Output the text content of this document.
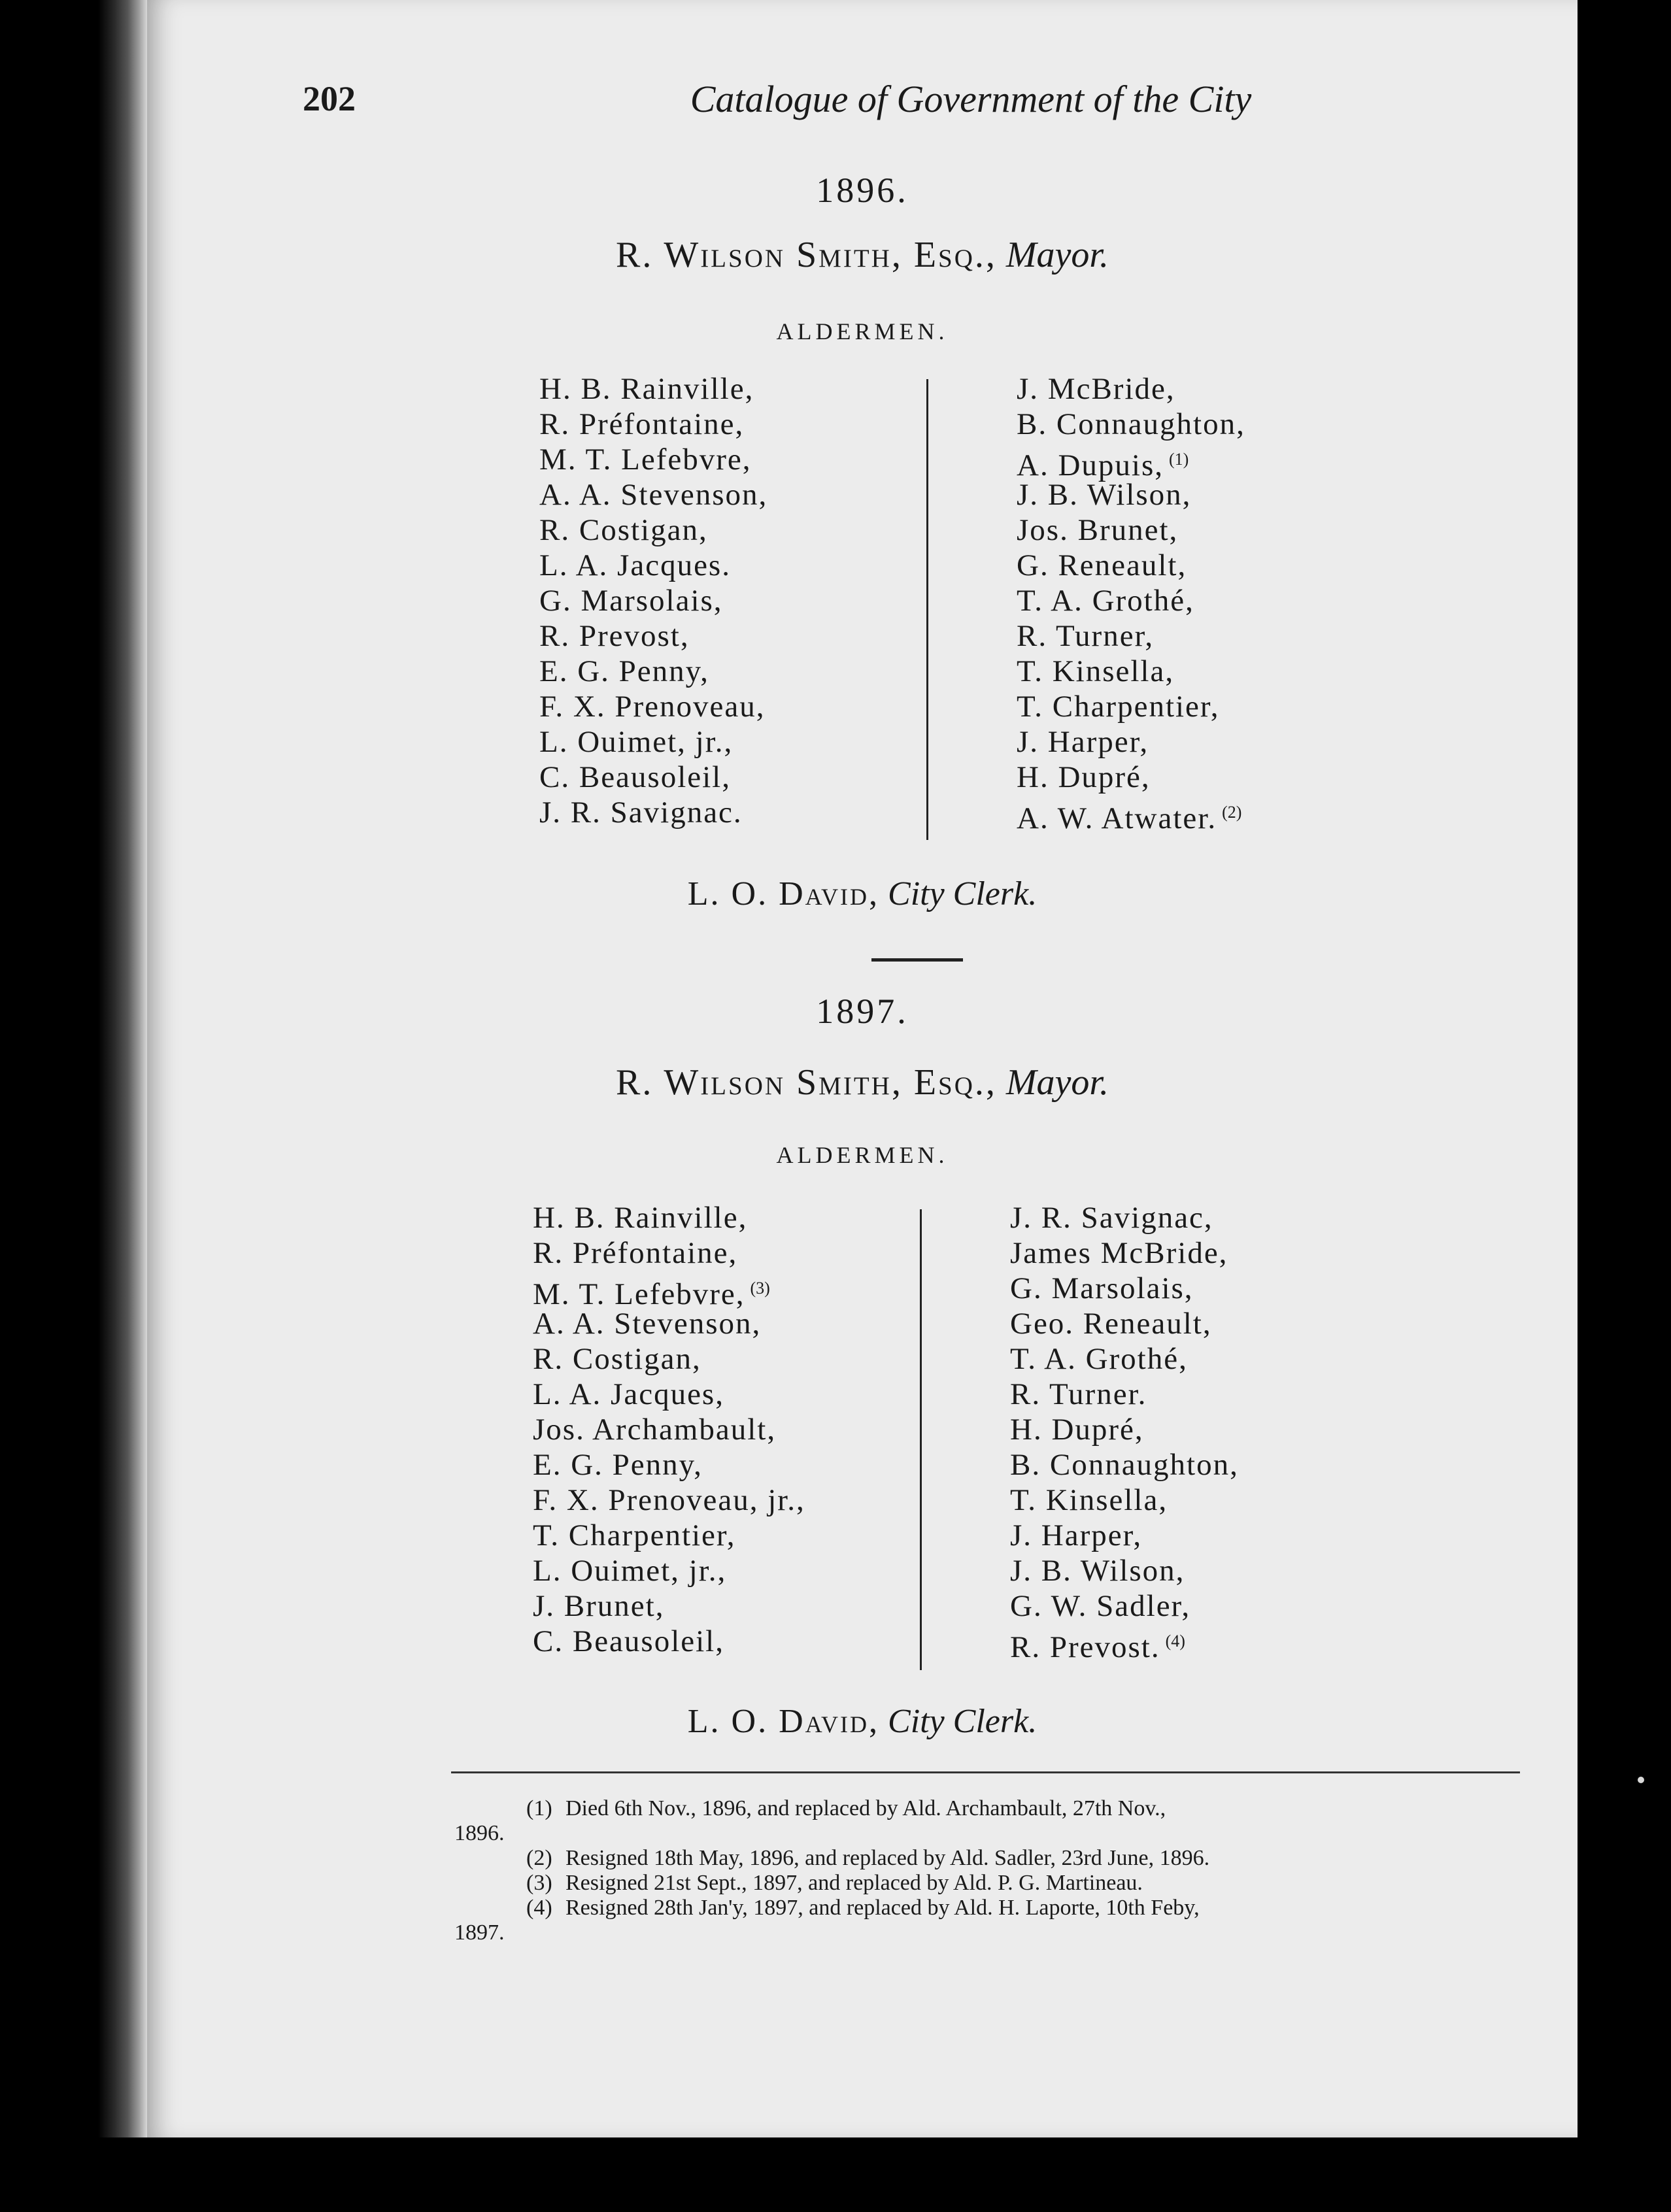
202	Catalogue of Government of the City
1896.
R. Wilson Smith, Esq., Mayor.
ALDERMEN.
H. B. Rainville,
R. Préfontaine,
M. T. Lefebvre,
A. A. Stevenson,
R. Costigan,
L. A. Jacques.
G. Marsolais,
R. Prevost,
E. G. Penny,
F. X. Prenoveau,
L. Ouimet, jr.,
C. Beausoleil,
J. R. Savignac.
J. McBride,
B. Connaughton,
A. Dupuis, $^{(1)}$
J. B. Wilson,
Jos. Brunet,
G. Reneault,
T. A. Grothé,
R. Turner,
T. Kinsella,
T. Charpentier,
J. Harper,
H. Dupré,
A. W. Atwater. $^{(2)}$
L. O. David, City Clerk.
1897.
R. Wilson Smith, Esq., Mayor.
ALDERMEN.
H. B. Rainville,
R. Préfontaine,
M. T. Lefebvre, $^{(3)}$
A. A. Stevenson,
R. Costigan,
L. A. Jacques,
Jos. Archambault,
E. G. Penny,
F. X. Prenoveau, jr.,
T. Charpentier,
L. Ouimet, jr.,
J. Brunet,
C. Beausoleil,
J. R. Savignac,
James McBride,
G. Marsolais,
Geo. Reneault,
T. A. Grothé,
R. Turner.
H. Dupré,
B. Connaughton,
T. Kinsella,
J. Harper,
J. B. Wilson,
G. W. Sadler,
R. Prevost. $^{(4)}$
L. O. David, City Clerk.
(1) Died 6th Nov., 1896, and replaced by Ald. Archambault, 27th Nov.,
1896.
(2) Resigned 18th May, 1896, and replaced by Ald. Sadler, 23rd June, 1896.
(3) Resigned 21st Sept., 1897, and replaced by Ald. P. G. Martineau.
(4) Resigned 28th Jan'y, 1897, and replaced by Ald. H. Laporte, 10th Feby,
1897.
